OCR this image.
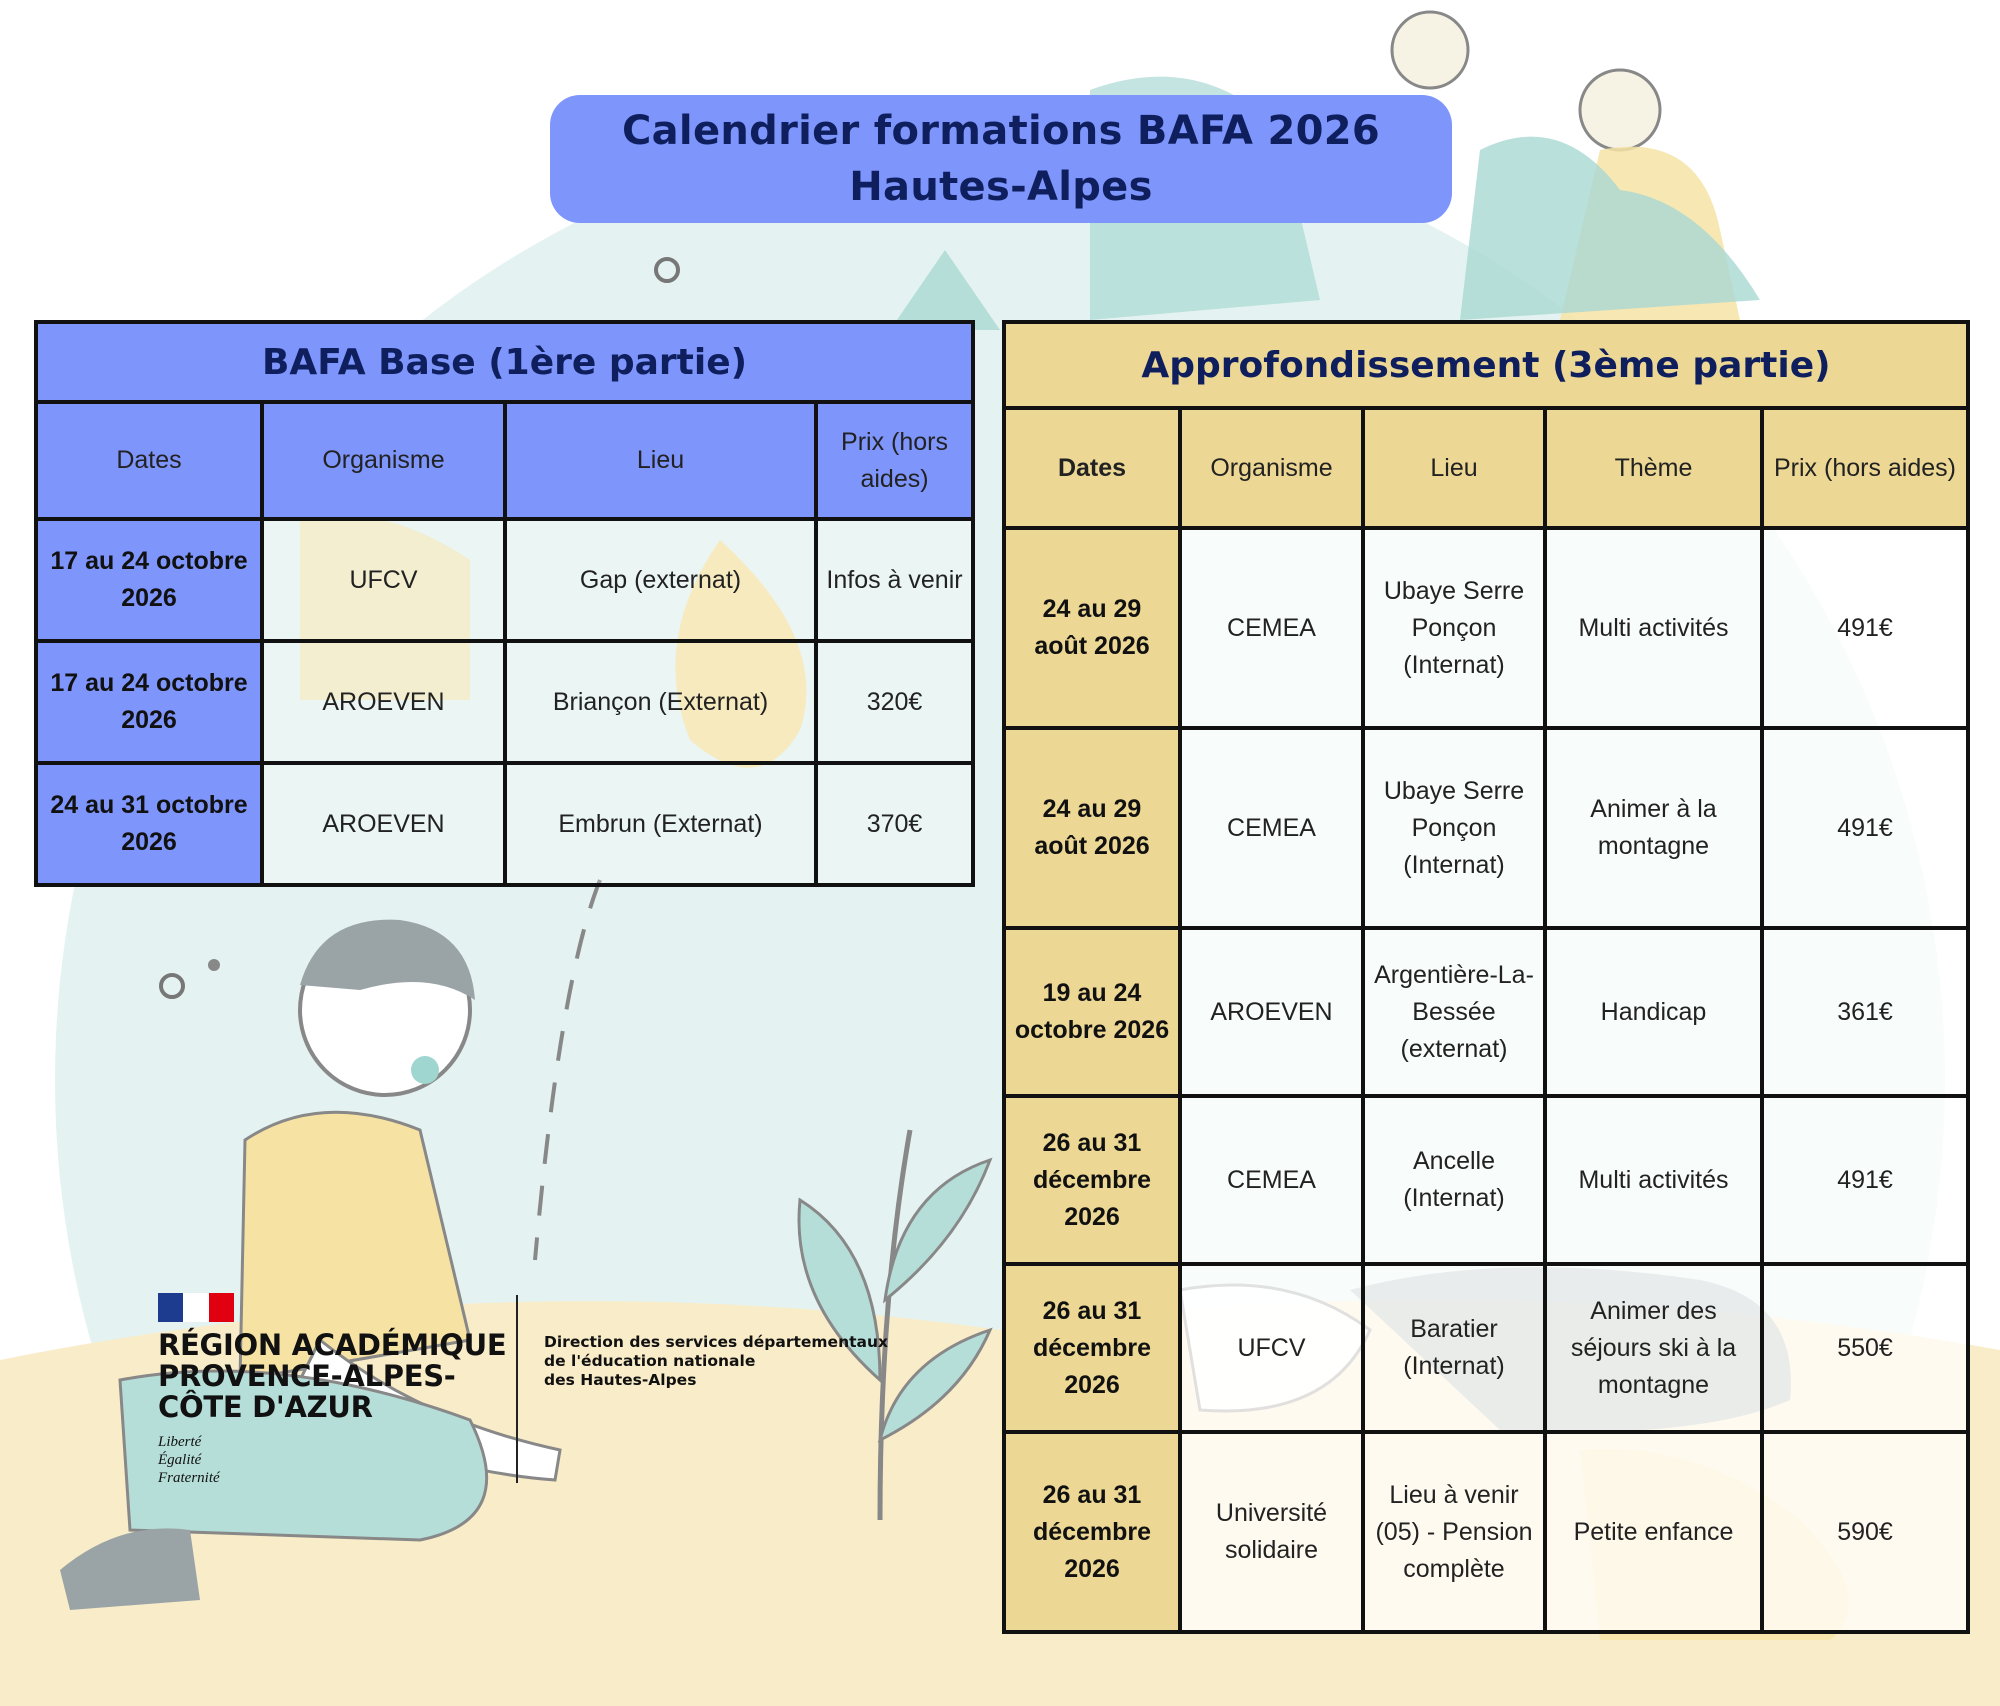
Calendrier formations BAFA 2026
Hautes-Alpes
BAFA Base (1ère partie)			
Dates	Organisme	Lieu	Prix (hors aides)
17 au 24 octobre 2026	UFCV	Gap (externat)	Infos à venir
17 au 24 octobre 2026	AROEVEN	Briançon (Externat)	320€
24 au 31 octobre 2026	AROEVEN	Embrun (Externat)	370€
Approfondissement (3ème partie)				
Dates	Organisme	Lieu	Thème	Prix (hors aides)
24 au 29 août 2026	CEMEA	Ubaye Serre Ponçon (Internat)	Multi activités	491€
24 au 29 août 2026	CEMEA	Ubaye Serre Ponçon (Internat)	Animer à la montagne	491€
19 au 24 octobre 2026	AROEVEN	Argentière-La-Bessée (externat)	Handicap	361€
26 au 31 décembre 2026	CEMEA	Ancelle (Internat)	Multi activités	491€
26 au 31 décembre 2026	UFCV	Baratier (Internat)	Animer des séjours ski à la montagne	550€
26 au 31 décembre 2026	Université solidaire	Lieu à venir (05) - Pension complète	Petite enfance	590€
RÉGION ACADÉMIQUE
PROVENCE-ALPES-
CÔTE D'AZUR
Liberté
Égalité
Fraternité
Direction des services départementaux
de l'éducation nationale
des Hautes-Alpes
